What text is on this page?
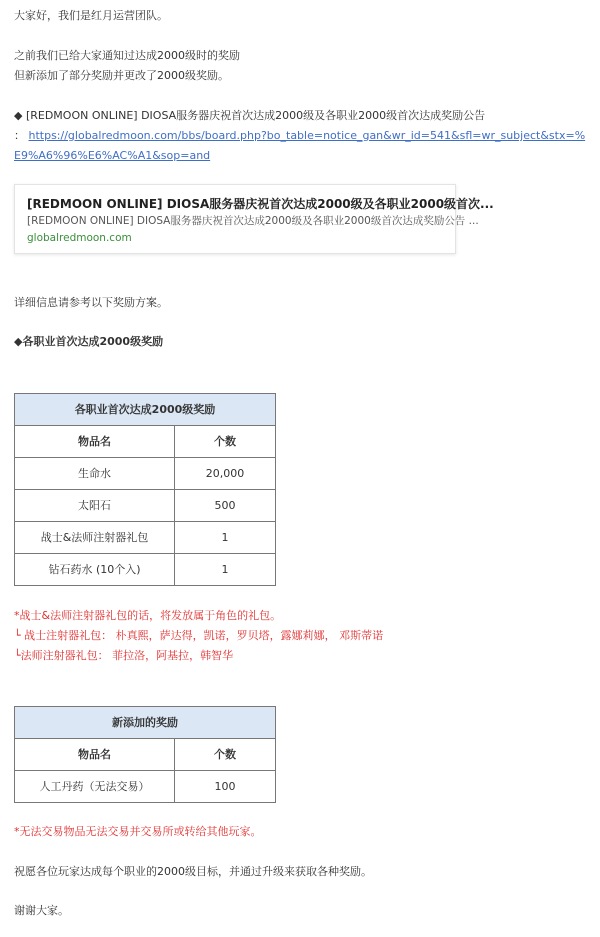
大家好，我们是红月运营团队。
之前我们已给大家通知过达成2000级时的奖励
但新添加了部分奖励并更改了2000级奖励。
◆ [REDMOON ONLINE] DIOSA服务器庆祝首次达成2000级及各职业2000级首次达成奖励公告
： https://globalredmoon.com/bbs/board.php?bo_table=notice_gan&wr_id=541&sfl=wr_subject&stx=%E9%A6%96%E6%AC%A1&sop=and
[REDMOON ONLINE] DIOSA服务器庆祝首次达成2000级及各职业2000级首次...
[REDMOON ONLINE] DIOSA服务器庆祝首次达成2000级及各职业2000级首次达成奖励公告 ...
globalredmoon.com
详细信息请参考以下奖励方案。
◆各职业首次达成2000级奖励
各职业首次达成2000级奖励	
物品名	个数
生命水	20,000
太阳石	500
战士&法师注射器礼包	1
钻石药水 (10个入)	1
*战士&法师注射器礼包的话，将发放属于角色的礼包。
└ 战士注射器礼包： 朴真熙，萨达得，凯诺，罗贝塔，露娜莉娜， 邓斯蒂诺
└法师注射器礼包： 菲拉洛，阿基拉，韩智华
新添加的奖励	
物品名	个数
人工丹药（无法交易）	100
*无法交易物品无法交易并交易所或转给其他玩家。
祝愿各位玩家达成每个职业的2000级目标，并通过升级来获取各种奖励。
谢谢大家。
